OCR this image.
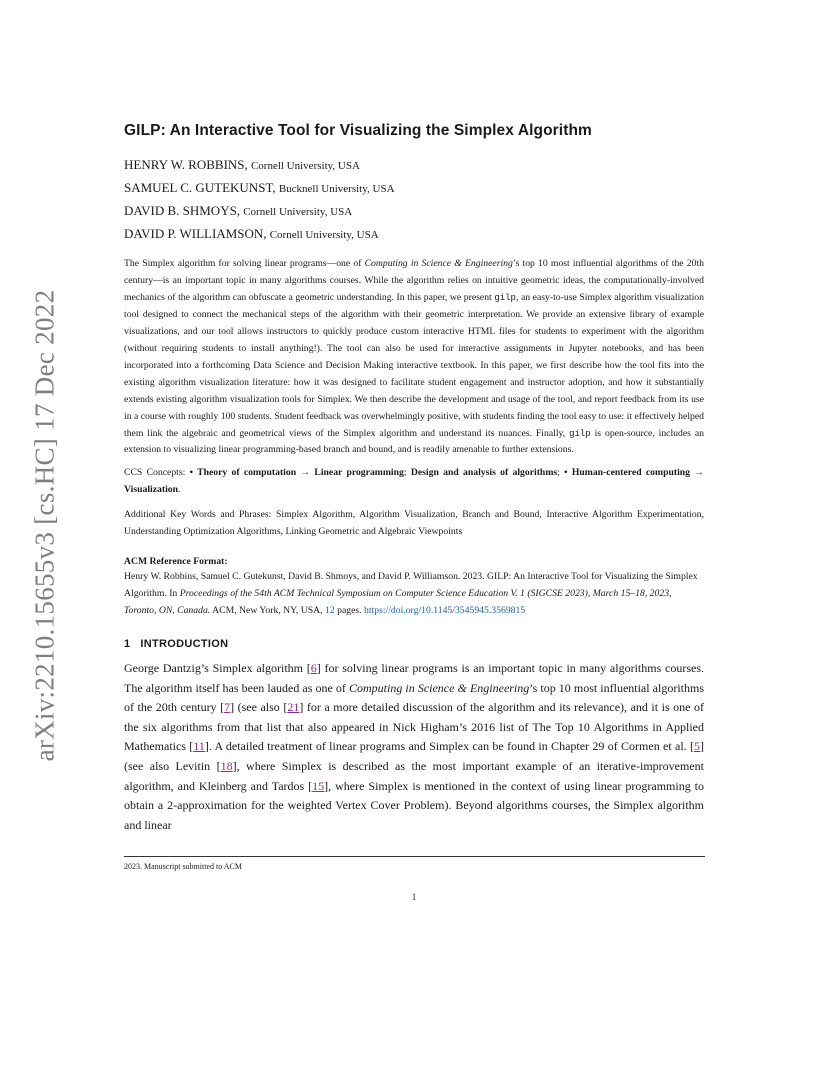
arXiv:2210.15655v3 [cs.HC] 17 Dec 2022
GILP: An Interactive Tool for Visualizing the Simplex Algorithm
HENRY W. ROBBINS, Cornell University, USA
SAMUEL C. GUTEKUNST, Bucknell University, USA
DAVID B. SHMOYS, Cornell University, USA
DAVID P. WILLIAMSON, Cornell University, USA
The Simplex algorithm for solving linear programs—one of Computing in Science & Engineering’s top 10 most influential algorithms of the 20th century—is an important topic in many algorithms courses. While the algorithm relies on intuitive geometric ideas, the computationally-involved mechanics of the algorithm can obfuscate a geometric understanding. In this paper, we present gilp, an easy-to-use Simplex algorithm visualization tool designed to connect the mechanical steps of the algorithm with their geometric interpretation. We provide an extensive library of example visualizations, and our tool allows instructors to quickly produce custom interactive HTML files for students to experiment with the algorithm (without requiring students to install anything!). The tool can also be used for interactive assignments in Jupyter notebooks, and has been incorporated into a forthcoming Data Science and Decision Making interactive textbook. In this paper, we first describe how the tool fits into the existing algorithm visualization literature: how it was designed to facilitate student engagement and instructor adoption, and how it substantially extends existing algorithm visualization tools for Simplex. We then describe the development and usage of the tool, and report feedback from its use in a course with roughly 100 students. Student feedback was overwhelmingly positive, with students finding the tool easy to use: it effectively helped them link the algebraic and geometrical views of the Simplex algorithm and understand its nuances. Finally, gilp is open-source, includes an extension to visualizing linear programming-based branch and bound, and is readily amenable to further extensions.
CCS Concepts: • Theory of computation → Linear programming; Design and analysis of algorithms; • Human-centered computing → Visualization.
Additional Key Words and Phrases: Simplex Algorithm, Algorithm Visualization, Branch and Bound, Interactive Algorithm Experimentation, Understanding Optimization Algorithms, Linking Geometric and Algebraic Viewpoints
ACM Reference Format:
Henry W. Robbins, Samuel C. Gutekunst, David B. Shmoys, and David P. Williamson. 2023. GILP: An Interactive Tool for Visualizing the Simplex Algorithm. In Proceedings of the 54th ACM Technical Symposium on Computer Science Education V. 1 (SIGCSE 2023), March 15–18, 2023, Toronto, ON, Canada. ACM, New York, NY, USA, 12 pages. https://doi.org/10.1145/3545945.3569815
1 INTRODUCTION
George Dantzig’s Simplex algorithm [6] for solving linear programs is an important topic in many algorithms courses. The algorithm itself has been lauded as one of Computing in Science & Engineering’s top 10 most influential algorithms of the 20th century [7] (see also [21] for a more detailed discussion of the algorithm and its relevance), and it is one of the six algorithms from that list that also appeared in Nick Higham’s 2016 list of The Top 10 Algorithms in Applied Mathematics [11]. A detailed treatment of linear programs and Simplex can be found in Chapter 29 of Cormen et al. [5] (see also Levitin [18], where Simplex is described as the most important example of an iterative-improvement algorithm, and Kleinberg and Tardos [15], where Simplex is mentioned in the context of using linear programming to obtain a 2-approximation for the weighted Vertex Cover Problem). Beyond algorithms courses, the Simplex algorithm and linear
2023. Manuscript submitted to ACM
1
